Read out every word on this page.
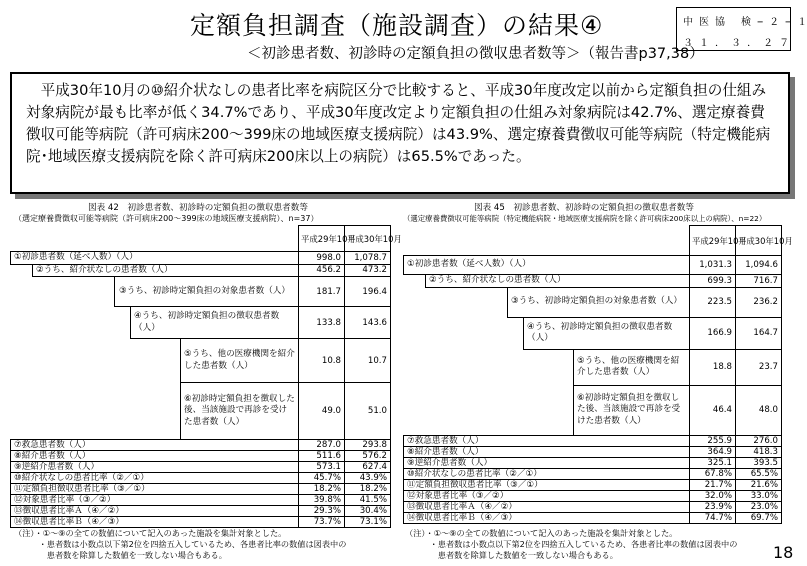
定額負担調査（施設調査）の結果④
＜初診患者数、初診時の定額負担の徴収患者数等＞（報告書p37,38）
中 医 協　 検 − ２ − １
３ １ ． ３ ． ２ ７
　平成30年10月の⑩紹介状なしの患者比率を病院区分で比較すると、平成30年度改定以前から定額負担の仕組み対象病院が最も比率が低く34.7%であり、平成30年度改定より定額負担の仕組み対象病院は42.7%、選定療養費徴収可能等病院（許可病床200～399床の地域医療支援病院）は43.9%、選定療養費徴収可能等病院（特定機能病院･地域医療支援病院を除く許可病床200床以上の病院）は65.5%であった。
図表 42　初診患者数、初診時の定額負担の徴収患者数等
（選定療養費徴収可能等病院（許可病床200～399床の地域医療支援病院）、n=37）
					平成29年10月	平成30年10月
①初診患者数（延べ人数）（人）					998.0	1,078.7
	②うち、紹介状なしの患者数（人）				456.2	473.2
		③うち、初診時定額負担の対象患者数（人）			181.7	196.4
			④うち、初診時定額負担の徴収患者数（人）		133.8	143.6
				⑤うち、他の医療機関を紹介した患者数（人）	10.8	10.7
				⑥初診時定額負担を徴収した後、当該施設で再診を受けた患者数（人）	49.0	51.0
⑦救急患者数（人）					287.0	293.8
⑧紹介患者数（人）					511.6	576.2
⑨逆紹介患者数（人）					573.1	627.4
⑩紹介状なしの患者比率（②／①）					45.7%	43.9%
⑪定額負担徴収患者比率（③／①）					18.2%	18.2%
⑫対象患者比率（③／②）					39.8%	41.5%
⑬徴収患者比率Ａ（④／②）					29.3%	30.4%
⑭徴収患者比率Ｂ（④／③）					73.7%	73.1%
図表 45　初診患者数、初診時の定額負担の徴収患者数等
（選定療養費徴収可能等病院（特定機能病院・地域医療支援病院を除く許可病床200床以上の病院）、n=22）
					平成29年10月	平成30年10月
①初診患者数（延べ人数）（人）					1,031.3	1,094.6
	②うち、紹介状なしの患者数（人）				699.3	716.7
		③うち、初診時定額負担の対象患者数（人）			223.5	236.2
			④うち、初診時定額負担の徴収患者数（人）		166.9	164.7
				⑤うち、他の医療機関を紹介した患者数（人）	18.8	23.7
				⑥初診時定額負担を徴収した後、当該施設で再診を受けた患者数（人）	46.4	48.0
⑦救急患者数（人）					255.9	276.0
⑧紹介患者数（人）					364.9	418.3
⑨逆紹介患者数（人）					325.1	393.5
⑩紹介状なしの患者比率（②／①）					67.8%	65.5%
⑪定額負担徴収患者比率（③／①）					21.7%	21.6%
⑫対象患者比率（③／②）					32.0%	33.0%
⑬徴収患者比率Ａ（④／②）					23.9%	23.0%
⑭徴収患者比率Ｂ（④／③）					74.7%	69.7%
（注）・①～⑨の全ての数値について記入のあった施設を集計対象とした。
　　　・患者数は小数点以下第2位を四捨五入しているため、各患者比率の数値は図表中の
　　　　患者数を除算した数値を一致しない場合もある。
（注）・①～⑨の全ての数値について記入のあった施設を集計対象とした。
　　　・患者数は小数点以下第2位を四捨五入しているため、各患者比率の数値は図表中の
　　　　患者数を除算した数値を一致しない場合もある。	18
